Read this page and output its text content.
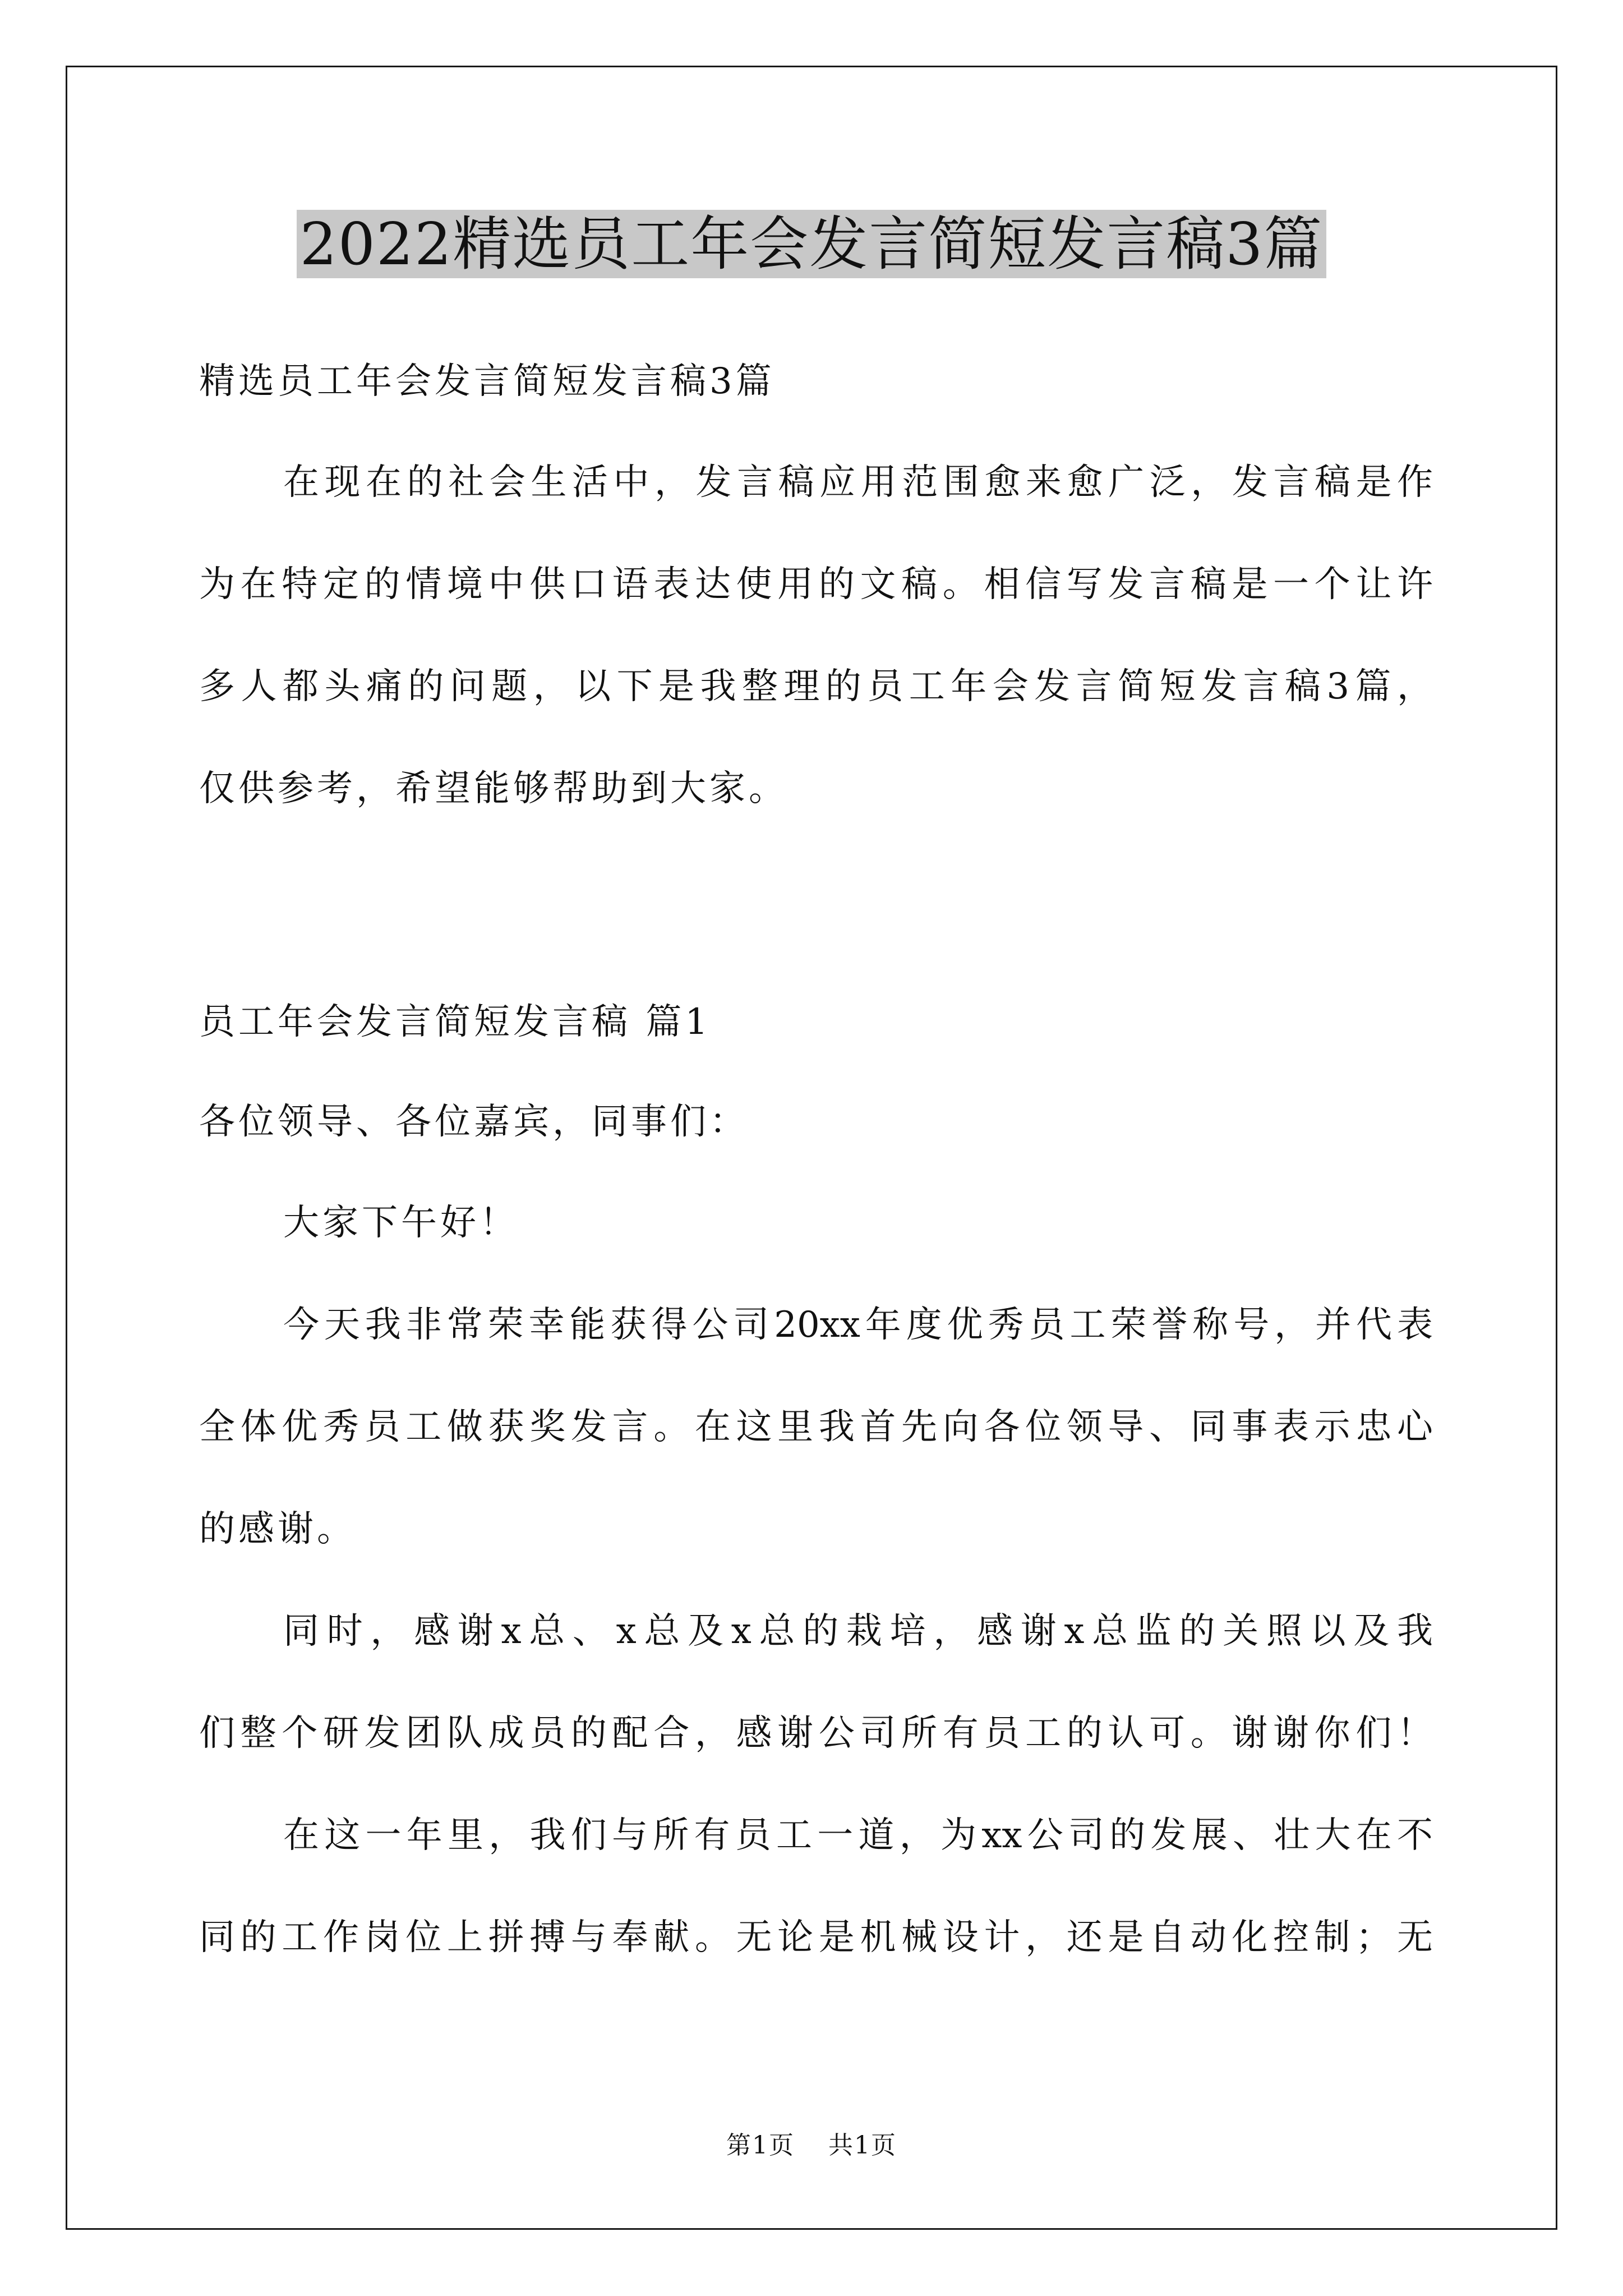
2022精选员工年会发言简短发言稿3篇
精选员工年会发言简短发言稿3篇
在现在的社会生活中，发言稿应用范围愈来愈广泛，发言稿是作
为在特定的情境中供口语表达使用的文稿。相信写发言稿是一个让许
多人都头痛的问题，以下是我整理的员工年会发言简短发言稿3篇，
仅供参考，希望能够帮助到大家。
员工年会发言简短发言稿 篇1
各位领导、各位嘉宾，同事们：
大家下午好！
今天我非常荣幸能获得公司20xx年度优秀员工荣誉称号，并代表
全体优秀员工做获奖发言。在这里我首先向各位领导、同事表示忠心
的感谢。
同时，感谢x总、x总及x总的栽培，感谢x总监的关照以及我
们整个研发团队成员的配合，感谢公司所有员工的认可。谢谢你们！
在这一年里，我们与所有员工一道，为xx公司的发展、壮大在不
同的工作岗位上拼搏与奉献。无论是机械设计，还是自动化控制；无
第1页 共1页
